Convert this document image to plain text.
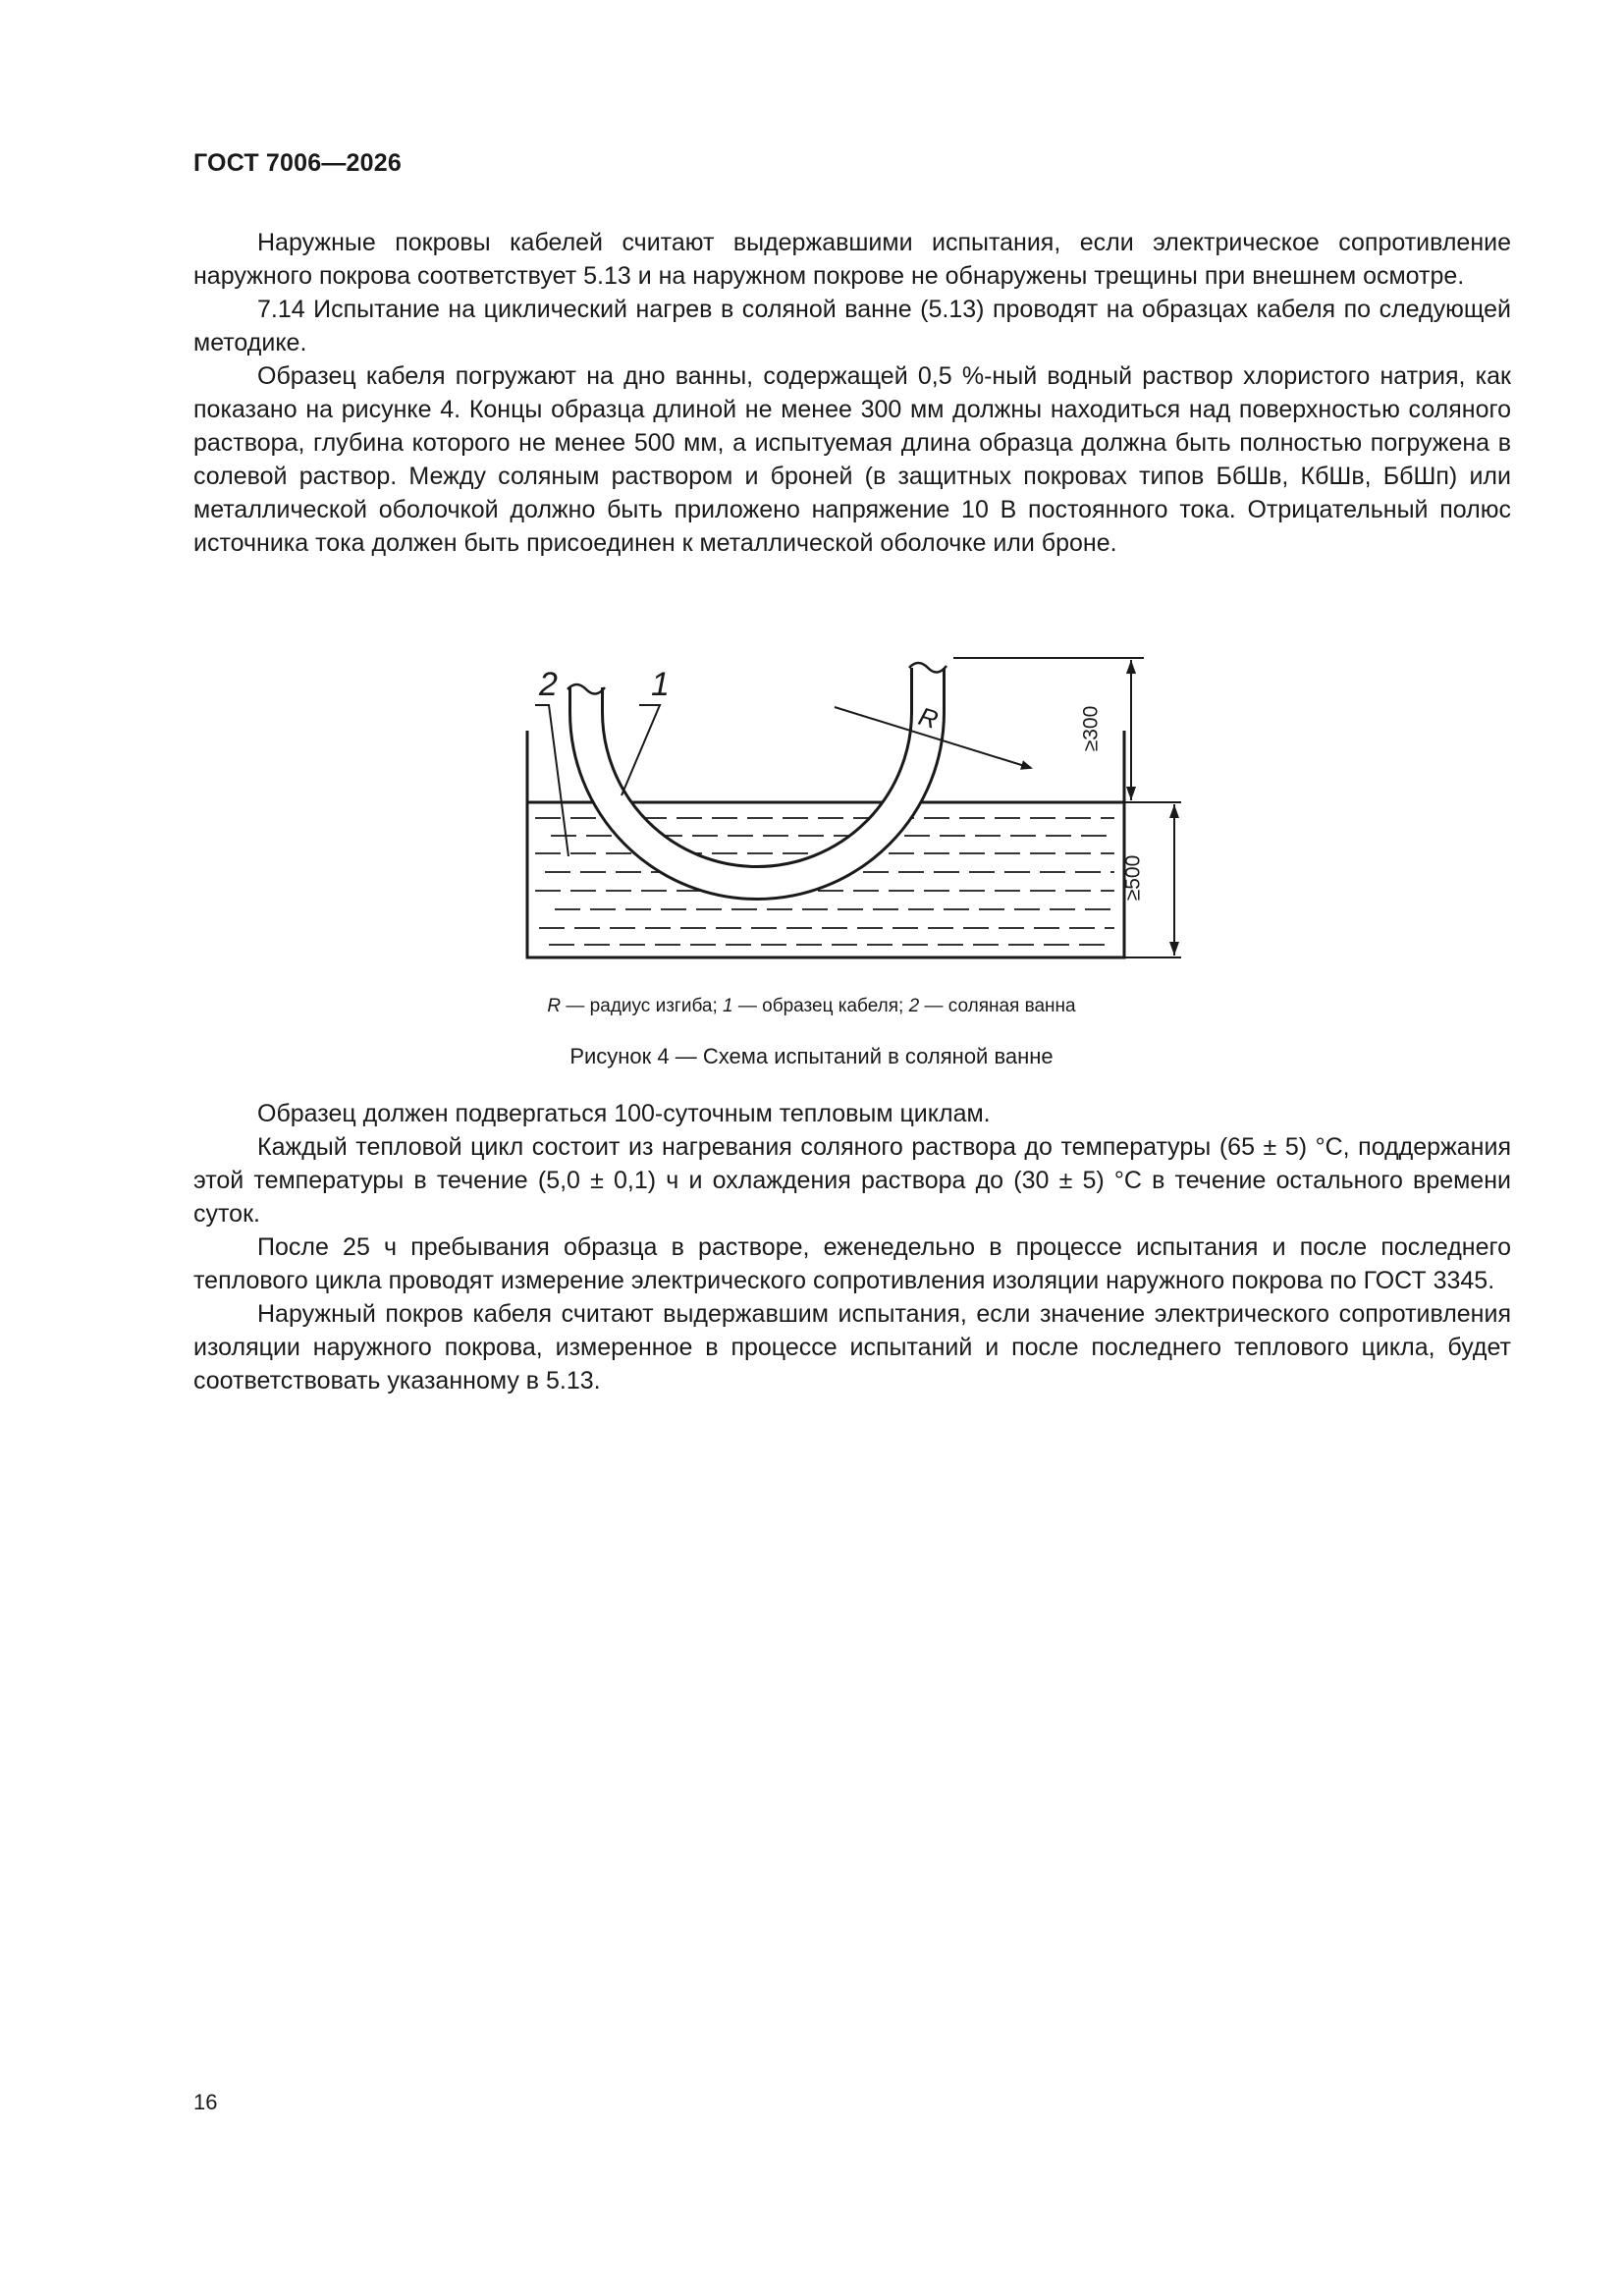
ГОСТ 7006—2026

Наружные покровы кабелей считают выдержавшими испытания, если электрическое сопротивление наружного покрова соответствует 5.13 и на наружном покрове не обнаружены трещины при внешнем осмотре.

7.14 Испытание на циклический нагрев в соляной ванне (5.13) проводят на образцах кабеля по следующей методике.

Образец кабеля погружают на дно ванны, содержащей 0,5 %-ный водный раствор хлористого натрия, как показано на рисунке 4. Концы образца длиной не менее 300 мм должны находиться над поверхностью соляного раствора, глубина которого не менее 500 мм, а испытуемая длина образца должна быть полностью погружена в солевой раствор. Между соляным раствором и броней (в защитных покровах типов БбШв, КбШв, БбШп) или металлической оболочкой должно быть приложено напряжение 10 В постоянного тока. Отрицательный полюс источника тока должен быть присоединен к металлической оболочке или броне.

2	1
R	≥300
≥500
R — радиус изгиба; 1 — образец кабеля; 2 — соляная ванна
Рисунок 4 — Схема испытаний в соляной ванне

Образец должен подвергаться 100-суточным тепловым циклам.

Каждый тепловой цикл состоит из нагревания соляного раствора до температуры (65 ± 5) °С, поддержания этой температуры в течение (5,0 ± 0,1) ч и охлаждения раствора до (30 ± 5) °С в течение остального времени суток.

После 25 ч пребывания образца в растворе, еженедельно в процессе испытания и после последнего теплового цикла проводят измерение электрического сопротивления изоляции наружного покрова по ГОСТ 3345.

Наружный покров кабеля считают выдержавшим испытания, если значение электрического сопротивления изоляции наружного покрова, измеренное в процессе испытаний и после последнего теплового цикла, будет соответствовать указанному в 5.13.

16
